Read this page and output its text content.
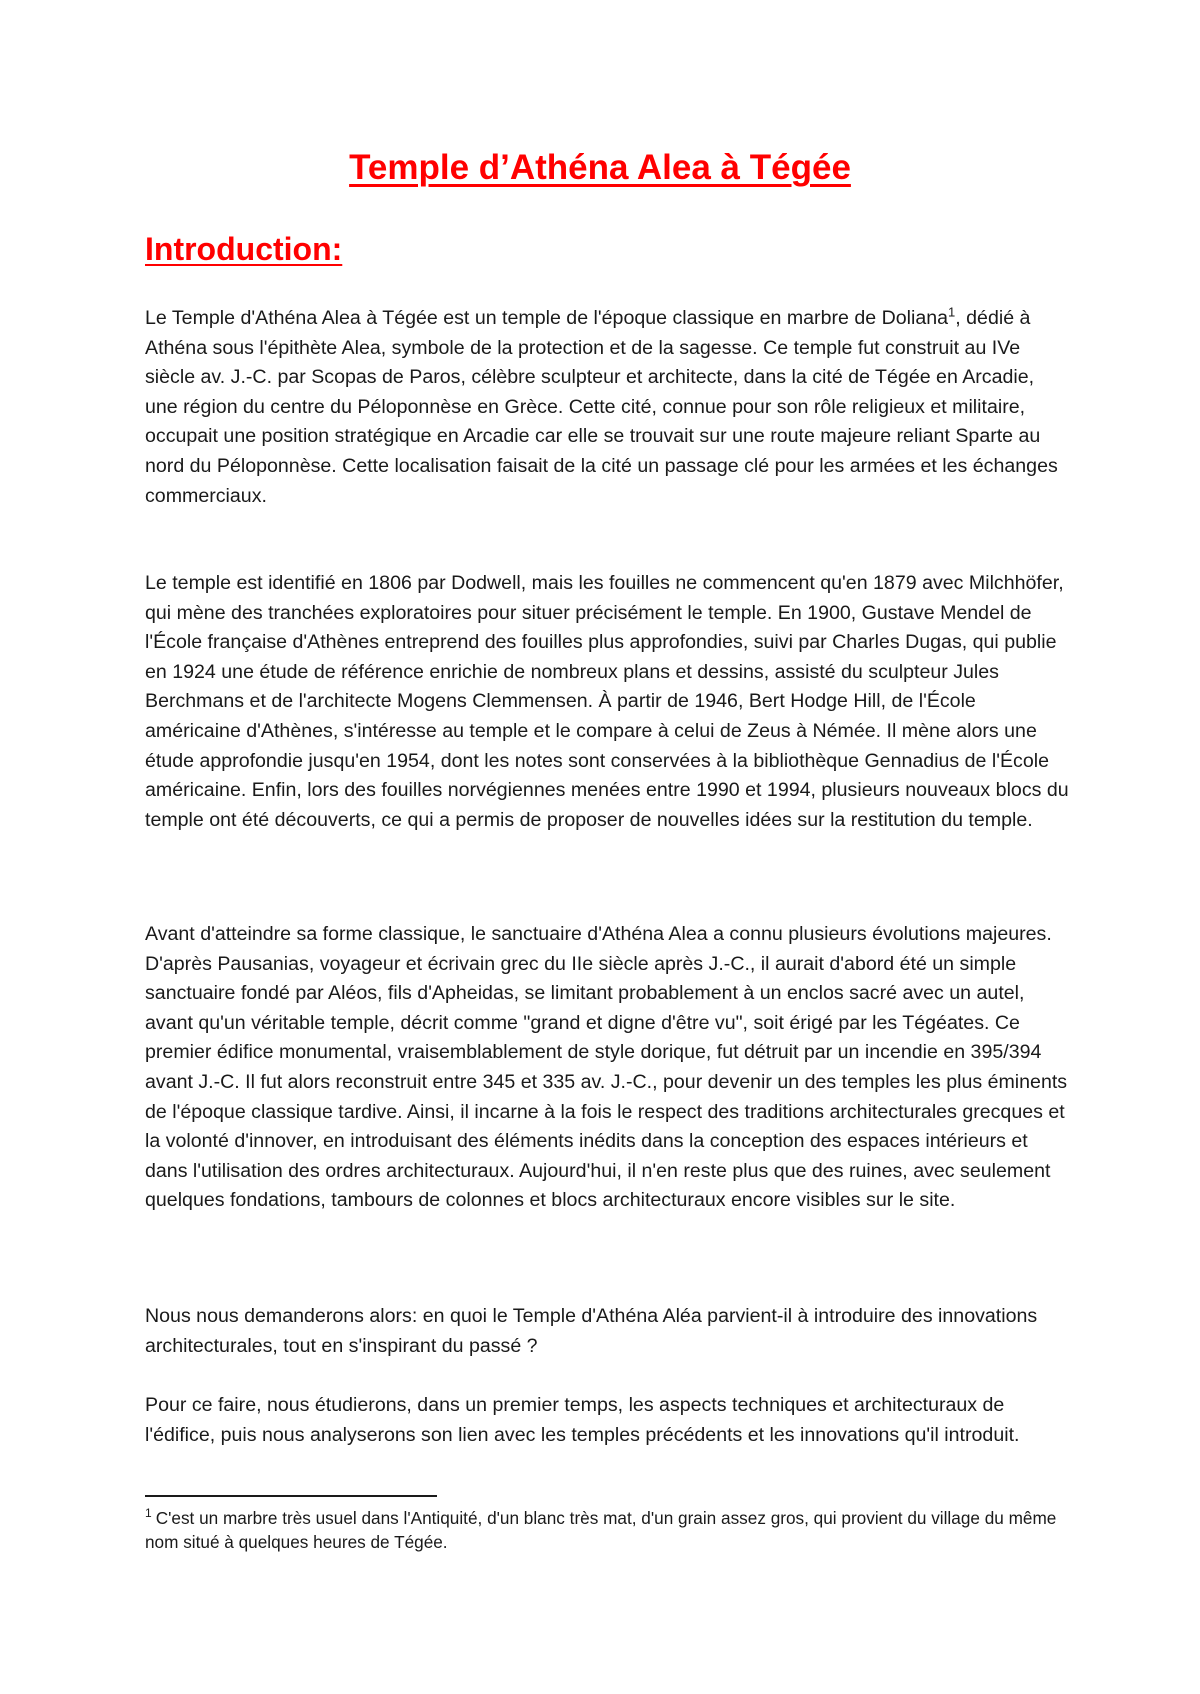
Temple d’Athéna Alea à Tégée
Introduction:

Le Temple d'Athéna Alea à Tégée est un temple de l'époque classique en marbre de Doliana$^1$, dédié à Athéna sous l'épithète Alea, symbole de la protection et de la sagesse. Ce temple fut construit au IVe siècle av. J.-C. par Scopas de Paros, célèbre sculpteur et architecte, dans la cité de Tégée en Arcadie, une région du centre du Péloponnèse en Grèce. Cette cité, connue pour son rôle religieux et militaire, occupait une position stratégique en Arcadie car elle se trouvait sur une route majeure reliant Sparte au nord du Péloponnèse. Cette localisation faisait de la cité un passage clé pour les armées et les échanges commerciaux.

Le temple est identifié en 1806 par Dodwell, mais les fouilles ne commencent qu'en 1879 avec Milchhöfer, qui mène des tranchées exploratoires pour situer précisément le temple. En 1900, Gustave Mendel de l'École française d'Athènes entreprend des fouilles plus approfondies, suivi par Charles Dugas, qui publie en 1924 une étude de référence enrichie de nombreux plans et dessins, assisté du sculpteur Jules Berchmans et de l'architecte Mogens Clemmensen. À partir de 1946, Bert Hodge Hill, de l'École américaine d'Athènes, s'intéresse au temple et le compare à celui de Zeus à Némée. Il mène alors une étude approfondie jusqu'en 1954, dont les notes sont conservées à la bibliothèque Gennadius de l'École américaine. Enfin, lors des fouilles norvégiennes menées entre 1990 et 1994, plusieurs nouveaux blocs du temple ont été découverts, ce qui a permis de proposer de nouvelles idées sur la restitution du temple.

Avant d'atteindre sa forme classique, le sanctuaire d'Athéna Alea a connu plusieurs évolutions majeures. D'après Pausanias, voyageur et écrivain grec du IIe siècle après J.-C., il aurait d'abord été un simple sanctuaire fondé par Aléos, fils d'Apheidas, se limitant probablement à un enclos sacré avec un autel, avant qu'un véritable temple, décrit comme "grand et digne d'être vu", soit érigé par les Tégéates. Ce premier édifice monumental, vraisemblablement de style dorique, fut détruit par un incendie en 395/394 avant J.-C. Il fut alors reconstruit entre 345 et 335 av. J.-C., pour devenir un des temples les plus éminents de l'époque classique tardive. Ainsi, il incarne à la fois le respect des traditions architecturales grecques et la volonté d'innover, en introduisant des éléments inédits dans la conception des espaces intérieurs et dans l'utilisation des ordres architecturaux. Aujourd'hui, il n'en reste plus que des ruines, avec seulement quelques fondations, tambours de colonnes et blocs architecturaux encore visibles sur le site.

Nous nous demanderons alors: en quoi le Temple d'Athéna Aléa parvient-il à introduire des innovations architecturales, tout en s'inspirant du passé ?

Pour ce faire, nous étudierons, dans un premier temps, les aspects techniques et architecturaux de l'édifice, puis nous analyserons son lien avec les temples précédents et les innovations qu'il introduit.

$^1$ C'est un marbre très usuel dans l'Antiquité, d'un blanc très mat, d'un grain assez gros, qui provient du village du même nom situé à quelques heures de Tégée.
